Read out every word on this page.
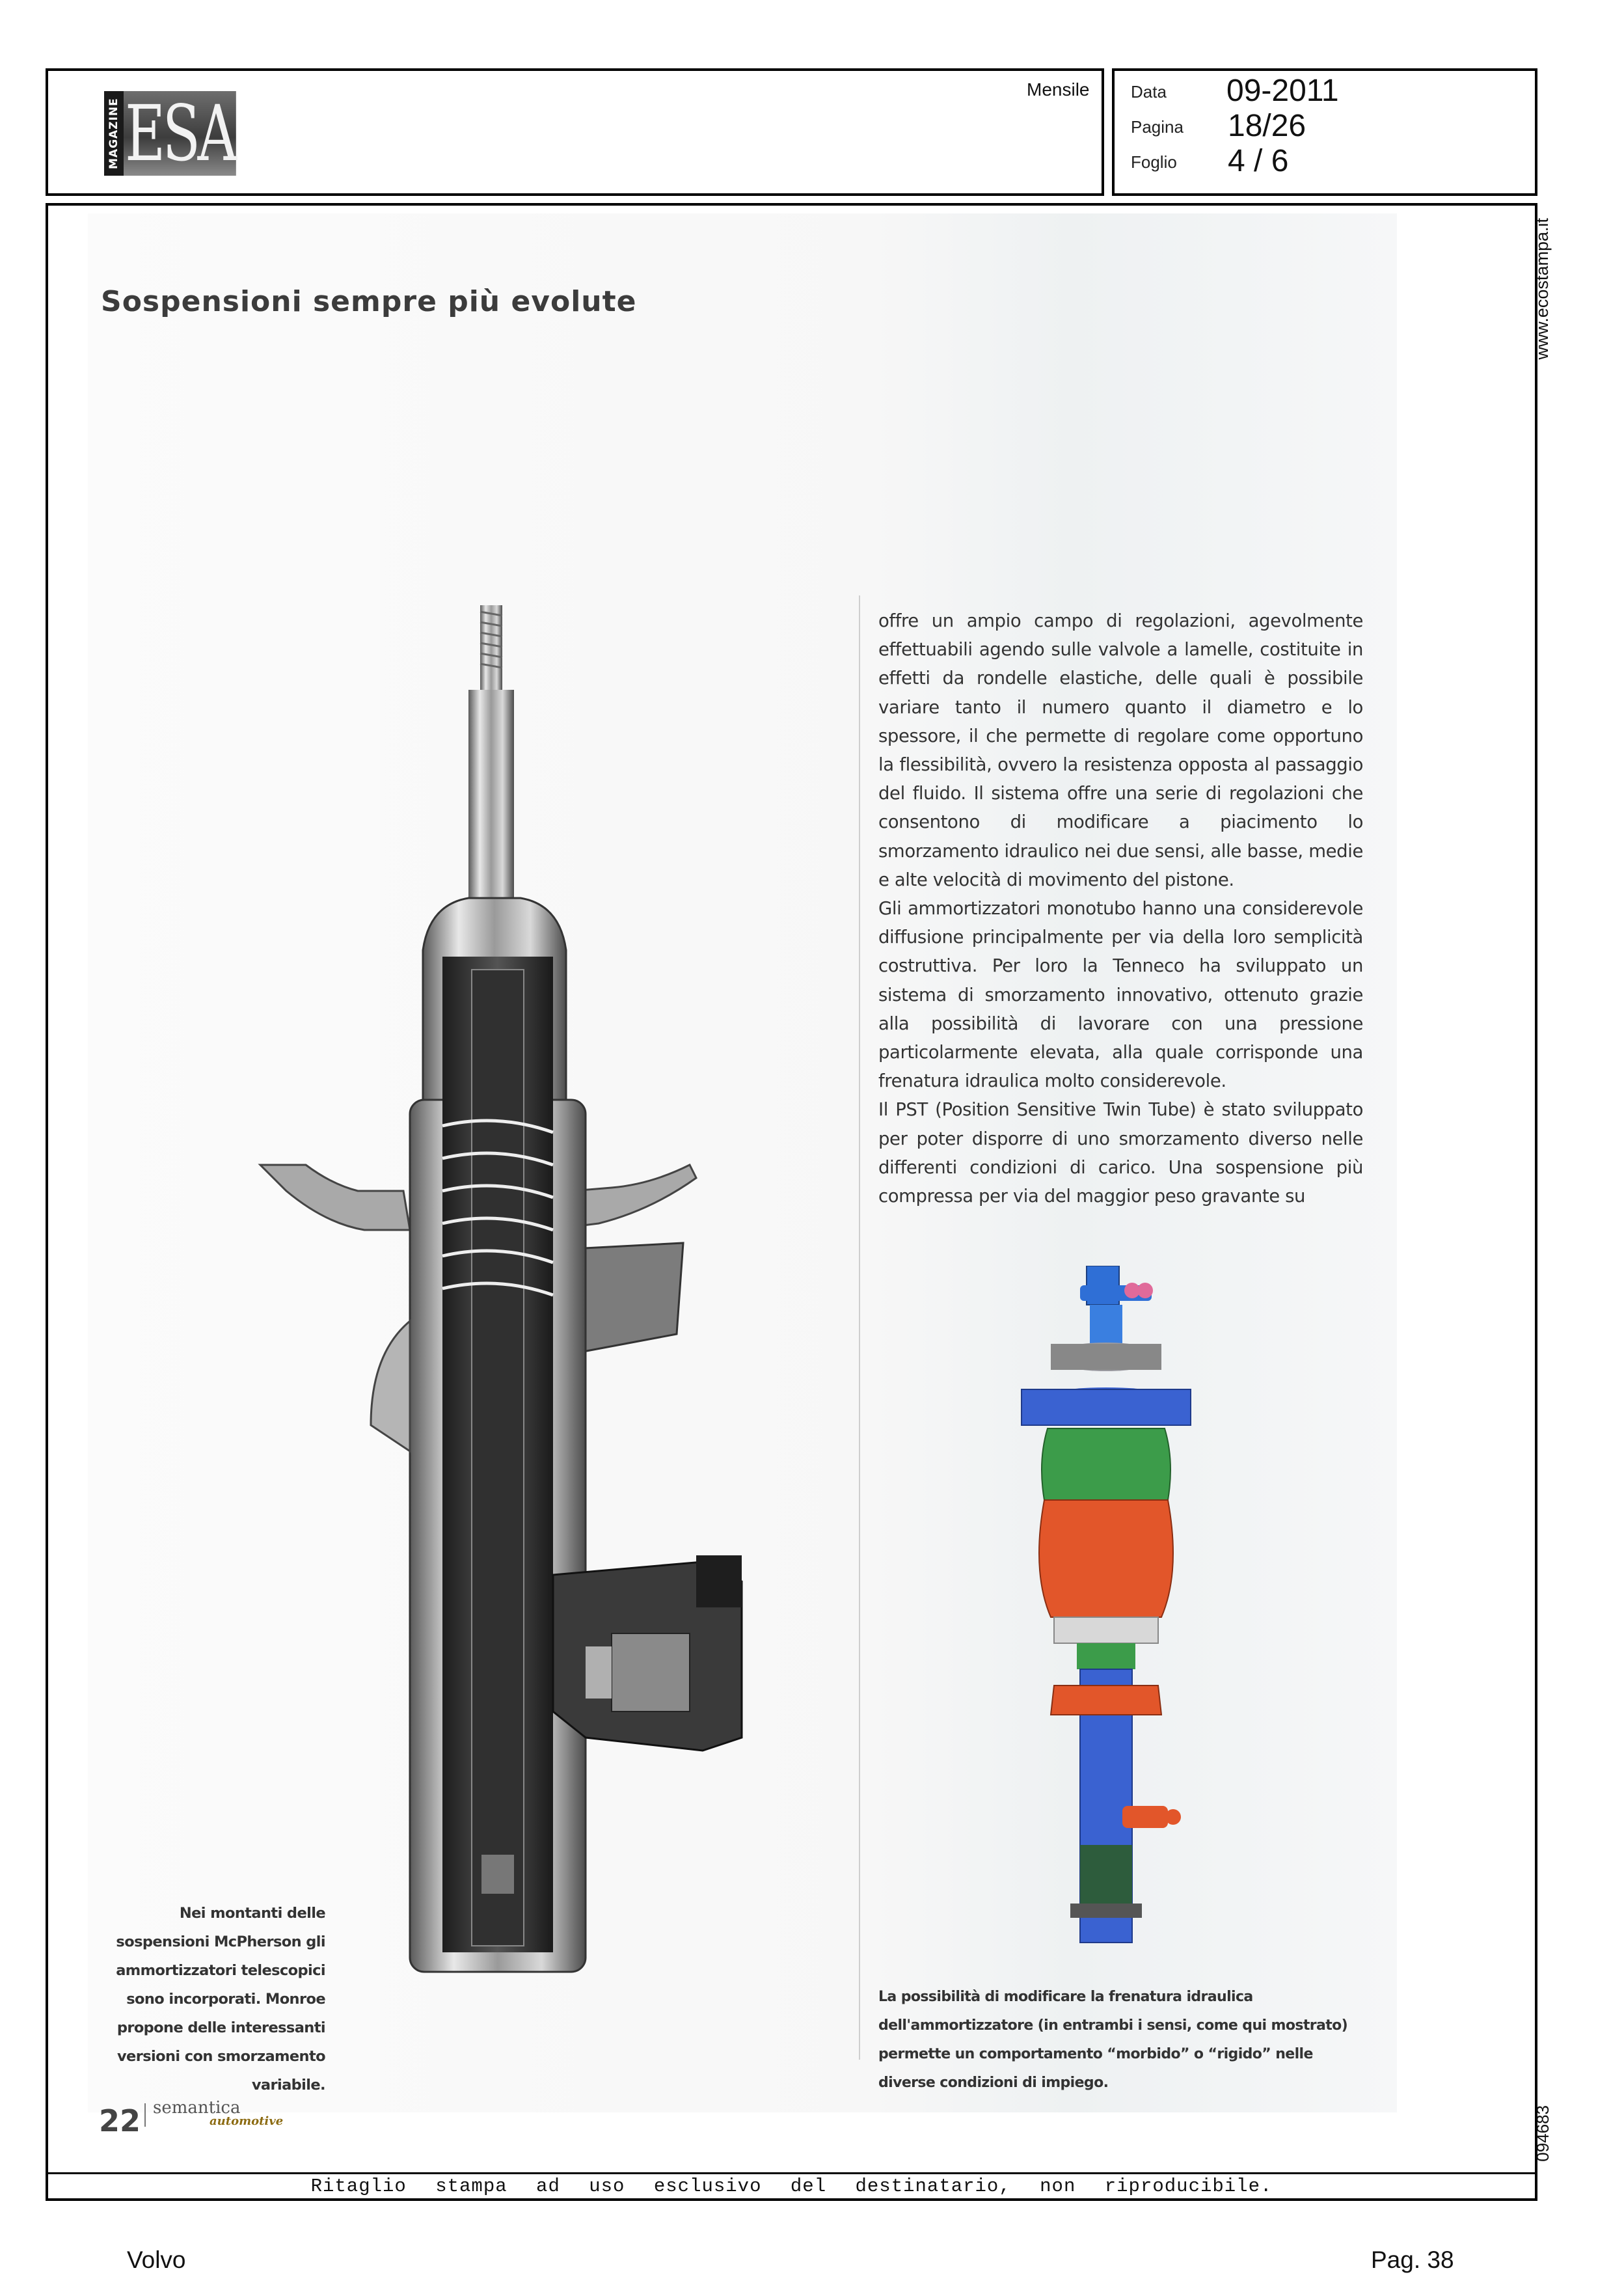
MAGAZINE ESA	Mensile Data 09-2011
Pagina 18/26
Foglio 4 / 6
www.ecostampa.it
094683
Sospensioni sempre più evolute

offre un ampio campo di regolazioni, agevolmente effettuabili agendo sulle valvole a lamelle, costituite in effetti da rondelle elastiche, delle quali è possibile variare tanto il numero quanto il diametro e lo spessore, il che permette di regolare come opportuno la flessibilità, ovvero la resistenza opposta al passaggio del fluido. Il sistema offre una serie di regolazioni che consentono di modificare a piacimento lo smorzamento idraulico nei due sensi, alle basse, medie e alte velocità di movimento del pistone.

Gli ammortizzatori monotubo hanno una considerevole diffusione principalmente per via della loro semplicità costruttiva. Per loro la Tenneco ha sviluppato un sistema di smorzamento innovativo, ottenuto grazie alla possibilità di lavorare con una pressione particolarmente elevata, alla quale corrisponde una frenatura idraulica molto considerevole.

Il PST (Position Sensitive Twin Tube) è stato sviluppato per poter disporre di uno smorzamento diverso nelle differenti condizioni di carico. Una sospensione più compressa per via del maggior peso gravante su

Nei montanti delle sospensioni McPherson gli ammortizzatori telescopici sono incorporati. Monroe propone delle interessanti versioni con smorzamento variabile.
La possibilità di modificare la frenatura idraulica dell'ammortizzatore (in entrambi i sensi, come qui mostrato) permette un comportamento “morbido” o “rigido” nelle diverse condizioni di impiego.
22 semantica
automotive
Ritaglio stampa ad uso esclusivo del destinatario, non riproducibile.
Volvo	Pag. 38
